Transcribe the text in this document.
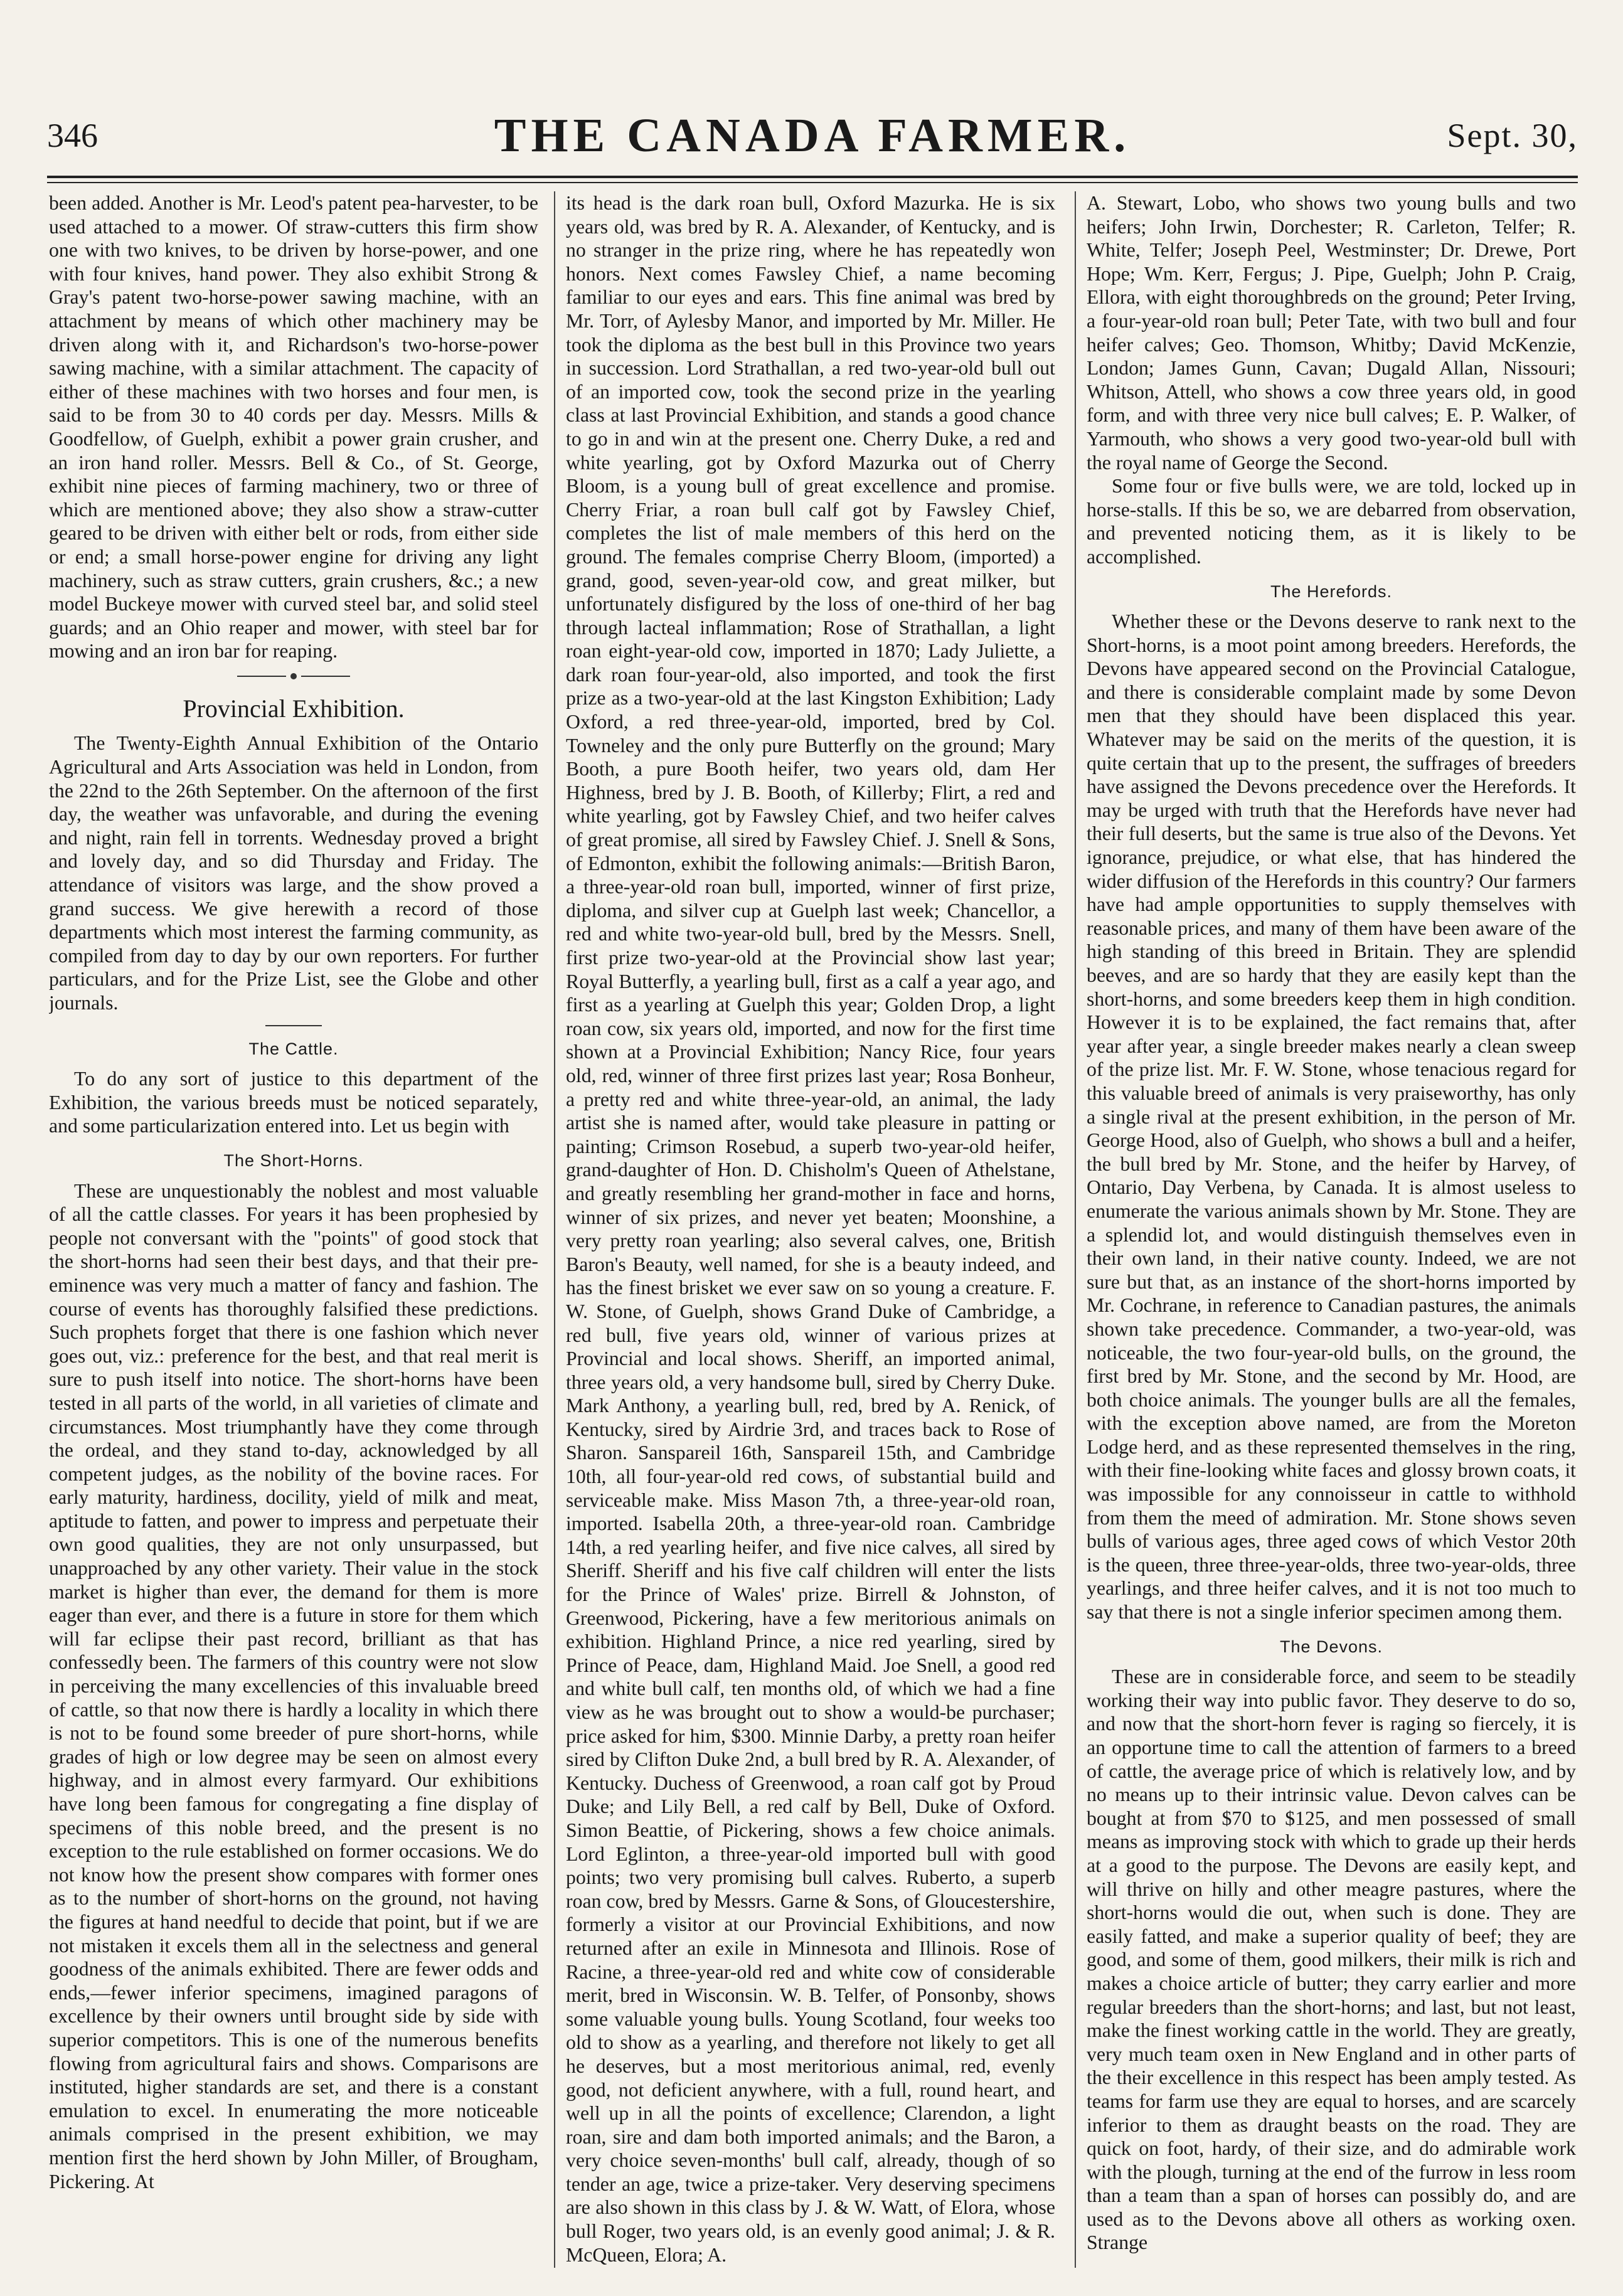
346	THE CANADA FARMER.	Sept. 30,

been added. Another is Mr. Leod's patent pea-harvester, to be used attached to a mower. Of straw-cutters this firm show one with two knives, to be driven by horse-power, and one with four knives, hand power. They also exhibit Strong & Gray's patent two-horse-power sawing machine, with an attachment by means of which other machinery may be driven along with it, and Richardson's two-horse-power sawing machine, with a similar attachment. The capacity of either of these machines with two horses and four men, is said to be from 30 to 40 cords per day. Messrs. Mills & Goodfellow, of Guelph, exhibit a power grain crusher, and an iron hand roller. Messrs. Bell & Co., of St. George, exhibit nine pieces of farming machinery, two or three of which are mentioned above; they also show a straw-cutter geared to be driven with either belt or rods, from either side or end; a small horse-power engine for driving any light machinery, such as straw cutters, grain crushers, &c.; a new model Buckeye mower with curved steel bar, and solid steel guards; and an Ohio reaper and mower, with steel bar for mowing and an iron bar for reaping.

Provincial Exhibition.

The Twenty-Eighth Annual Exhibition of the Ontario Agricultural and Arts Association was held in London, from the 22nd to the 26th September. On the afternoon of the first day, the weather was unfavorable, and during the evening and night, rain fell in torrents. Wednesday proved a bright and lovely day, and so did Thursday and Friday. The attendance of visitors was large, and the show proved a grand success. We give herewith a record of those departments which most interest the farming community, as compiled from day to day by our own reporters. For further particulars, and for the Prize List, see the Globe and other journals.

The Cattle.

To do any sort of justice to this department of the Exhibition, the various breeds must be noticed separately, and some particularization entered into. Let us begin with

The Short-Horns.

These are unquestionably the noblest and most valuable of all the cattle classes. For years it has been prophesied by people not conversant with the "points" of good stock that the short-horns had seen their best days, and that their pre-eminence was very much a matter of fancy and fashion. The course of events has thoroughly falsified these predictions. Such prophets forget that there is one fashion which never goes out, viz.: preference for the best, and that real merit is sure to push itself into notice. The short-horns have been tested in all parts of the world, in all varieties of climate and circumstances. Most triumphantly have they come through the ordeal, and they stand to-day, acknowledged by all competent judges, as the nobility of the bovine races. For early maturity, hardiness, docility, yield of milk and meat, aptitude to fatten, and power to impress and perpetuate their own good qualities, they are not only unsurpassed, but unapproached by any other variety. Their value in the stock market is higher than ever, the demand for them is more eager than ever, and there is a future in store for them which will far eclipse their past record, brilliant as that has confessedly been. The farmers of this country were not slow in perceiving the many excellencies of this invaluable breed of cattle, so that now there is hardly a locality in which there is not to be found some breeder of pure short-horns, while grades of high or low degree may be seen on almost every highway, and in almost every farmyard. Our exhibitions have long been famous for congregating a fine display of specimens of this noble breed, and the present is no exception to the rule established on former occasions. We do not know how the present show compares with former ones as to the number of short-horns on the ground, not having the figures at hand needful to decide that point, but if we are not mistaken it excels them all in the selectness and general goodness of the animals exhibited. There are fewer odds and ends,—fewer inferior specimens, imagined paragons of excellence by their owners until brought side by side with superior competitors. This is one of the numerous benefits flowing from agricultural fairs and shows. Comparisons are instituted, higher standards are set, and there is a constant emulation to excel. In enumerating the more noticeable animals comprised in the present exhibition, we may mention first the herd shown by John Miller, of Brougham, Pickering. At

its head is the dark roan bull, Oxford Mazurka. He is six years old, was bred by R. A. Alexander, of Kentucky, and is no stranger in the prize ring, where he has repeatedly won honors. Next comes Fawsley Chief, a name becoming familiar to our eyes and ears. This fine animal was bred by Mr. Torr, of Aylesby Manor, and imported by Mr. Miller. He took the diploma as the best bull in this Province two years in succession. Lord Strathallan, a red two-year-old bull out of an imported cow, took the second prize in the yearling class at last Provincial Exhibition, and stands a good chance to go in and win at the present one. Cherry Duke, a red and white yearling, got by Oxford Mazurka out of Cherry Bloom, is a young bull of great excellence and promise. Cherry Friar, a roan bull calf got by Fawsley Chief, completes the list of male members of this herd on the ground. The females comprise Cherry Bloom, (imported) a grand, good, seven-year-old cow, and great milker, but unfortunately disfigured by the loss of one-third of her bag through lacteal inflammation; Rose of Strathallan, a light roan eight-year-old cow, imported in 1870; Lady Juliette, a dark roan four-year-old, also imported, and took the first prize as a two-year-old at the last Kingston Exhibition; Lady Oxford, a red three-year-old, imported, bred by Col. Towneley and the only pure Butterfly on the ground; Mary Booth, a pure Booth heifer, two years old, dam Her Highness, bred by J. B. Booth, of Killerby; Flirt, a red and white yearling, got by Fawsley Chief, and two heifer calves of great promise, all sired by Fawsley Chief. J. Snell & Sons, of Edmonton, exhibit the following animals:—British Baron, a three-year-old roan bull, imported, winner of first prize, diploma, and silver cup at Guelph last week; Chancellor, a red and white two-year-old bull, bred by the Messrs. Snell, first prize two-year-old at the Provincial show last year; Royal Butterfly, a yearling bull, first as a calf a year ago, and first as a yearling at Guelph this year; Golden Drop, a light roan cow, six years old, imported, and now for the first time shown at a Provincial Exhibition; Nancy Rice, four years old, red, winner of three first prizes last year; Rosa Bonheur, a pretty red and white three-year-old, an animal, the lady artist she is named after, would take pleasure in patting or painting; Crimson Rosebud, a superb two-year-old heifer, grand-daughter of Hon. D. Chisholm's Queen of Athelstane, and greatly resembling her grand-mother in face and horns, winner of six prizes, and never yet beaten; Moonshine, a very pretty roan yearling; also several calves, one, British Baron's Beauty, well named, for she is a beauty indeed, and has the finest brisket we ever saw on so young a creature. F. W. Stone, of Guelph, shows Grand Duke of Cambridge, a red bull, five years old, winner of various prizes at Provincial and local shows. Sheriff, an imported animal, three years old, a very handsome bull, sired by Cherry Duke. Mark Anthony, a yearling bull, red, bred by A. Renick, of Kentucky, sired by Airdrie 3rd, and traces back to Rose of Sharon. Sanspareil 16th, Sanspareil 15th, and Cambridge 10th, all four-year-old red cows, of substantial build and serviceable make. Miss Mason 7th, a three-year-old roan, imported. Isabella 20th, a three-year-old roan. Cambridge 14th, a red yearling heifer, and five nice calves, all sired by Sheriff. Sheriff and his five calf children will enter the lists for the Prince of Wales' prize. Birrell & Johnston, of Greenwood, Pickering, have a few meritorious animals on exhibition. Highland Prince, a nice red yearling, sired by Prince of Peace, dam, Highland Maid. Joe Snell, a good red and white bull calf, ten months old, of which we had a fine view as he was brought out to show a would-be purchaser; price asked for him, $300. Minnie Darby, a pretty roan heifer sired by Clifton Duke 2nd, a bull bred by R. A. Alexander, of Kentucky. Duchess of Greenwood, a roan calf got by Proud Duke; and Lily Bell, a red calf by Bell, Duke of Oxford. Simon Beattie, of Pickering, shows a few choice animals. Lord Eglinton, a three-year-old imported bull with good points; two very promising bull calves. Ruberto, a superb roan cow, bred by Messrs. Garne & Sons, of Gloucestershire, formerly a visitor at our Provincial Exhibitions, and now returned after an exile in Minnesota and Illinois. Rose of Racine, a three-year-old red and white cow of considerable merit, bred in Wisconsin. W. B. Telfer, of Ponsonby, shows some valuable young bulls. Young Scotland, four weeks too old to show as a yearling, and therefore not likely to get all he deserves, but a most meritorious animal, red, evenly good, not deficient anywhere, with a full, round heart, and well up in all the points of excellence; Clarendon, a light roan, sire and dam both imported animals; and the Baron, a very choice seven-months' bull calf, already, though of so tender an age, twice a prize-taker. Very deserving specimens are also shown in this class by J. & W. Watt, of Elora, whose bull Roger, two years old, is an evenly good animal; J. & R. McQueen, Elora; A.

A. Stewart, Lobo, who shows two young bulls and two heifers; John Irwin, Dorchester; R. Carleton, Telfer; R. White, Telfer; Joseph Peel, Westminster; Dr. Drewe, Port Hope; Wm. Kerr, Fergus; J. Pipe, Guelph; John P. Craig, Ellora, with eight thoroughbreds on the ground; Peter Irving, a four-year-old roan bull; Peter Tate, with two bull and four heifer calves; Geo. Thomson, Whitby; David McKenzie, London; James Gunn, Cavan; Dugald Allan, Nissouri; Whitson, Attell, who shows a cow three years old, in good form, and with three very nice bull calves; E. P. Walker, of Yarmouth, who shows a very good two-year-old bull with the royal name of George the Second.

Some four or five bulls were, we are told, locked up in horse-stalls. If this be so, we are debarred from observation, and prevented noticing them, as it is likely to be accomplished.

The Herefords.

Whether these or the Devons deserve to rank next to the Short-horns, is a moot point among breeders. Herefords, the Devons have appeared second on the Provincial Catalogue, and there is considerable complaint made by some Devon men that they should have been displaced this year. Whatever may be said on the merits of the question, it is quite certain that up to the present, the suffrages of breeders have assigned the Devons precedence over the Herefords. It may be urged with truth that the Herefords have never had their full deserts, but the same is true also of the Devons. Yet ignorance, prejudice, or what else, that has hindered the wider diffusion of the Herefords in this country? Our farmers have had ample opportunities to supply themselves with reasonable prices, and many of them have been aware of the high standing of this breed in Britain. They are splendid beeves, and are so hardy that they are easily kept than the short-horns, and some breeders keep them in high condition. However it is to be explained, the fact remains that, after year after year, a single breeder makes nearly a clean sweep of the prize list. Mr. F. W. Stone, whose tenacious regard for this valuable breed of animals is very praiseworthy, has only a single rival at the present exhibition, in the person of Mr. George Hood, also of Guelph, who shows a bull and a heifer, the bull bred by Mr. Stone, and the heifer by Harvey, of Ontario, Day Verbena, by Canada. It is almost useless to enumerate the various animals shown by Mr. Stone. They are a splendid lot, and would distinguish themselves even in their own land, in their native county. Indeed, we are not sure but that, as an instance of the short-horns imported by Mr. Cochrane, in reference to Canadian pastures, the animals shown take precedence. Commander, a two-year-old, was noticeable, the two four-year-old bulls, on the ground, the first bred by Mr. Stone, and the second by Mr. Hood, are both choice animals. The younger bulls are all the females, with the exception above named, are from the Moreton Lodge herd, and as these represented themselves in the ring, with their fine-looking white faces and glossy brown coats, it was impossible for any connoisseur in cattle to withhold from them the meed of admiration. Mr. Stone shows seven bulls of various ages, three aged cows of which Vestor 20th is the queen, three three-year-olds, three two-year-olds, three yearlings, and three heifer calves, and it is not too much to say that there is not a single inferior specimen among them.

The Devons.

These are in considerable force, and seem to be steadily working their way into public favor. They deserve to do so, and now that the short-horn fever is raging so fiercely, it is an opportune time to call the attention of farmers to a breed of cattle, the average price of which is relatively low, and by no means up to their intrinsic value. Devon calves can be bought at from $70 to $125, and men possessed of small means as improving stock with which to grade up their herds at a good to the purpose. The Devons are easily kept, and will thrive on hilly and other meagre pastures, where the short-horns would die out, when such is done. They are easily fatted, and make a superior quality of beef; they are good, and some of them, good milkers, their milk is rich and makes a choice article of butter; they carry earlier and more regular breeders than the short-horns; and last, but not least, make the finest working cattle in the world. They are greatly, very much team oxen in New England and in other parts of the their excellence in this respect has been amply tested. As teams for farm use they are equal to horses, and are scarcely inferior to them as draught beasts on the road. They are quick on foot, hardy, of their size, and do admirable work with the plough, turning at the end of the furrow in less room than a team than a span of horses can possibly do, and are used as to the Devons above all others as working oxen. Strange
